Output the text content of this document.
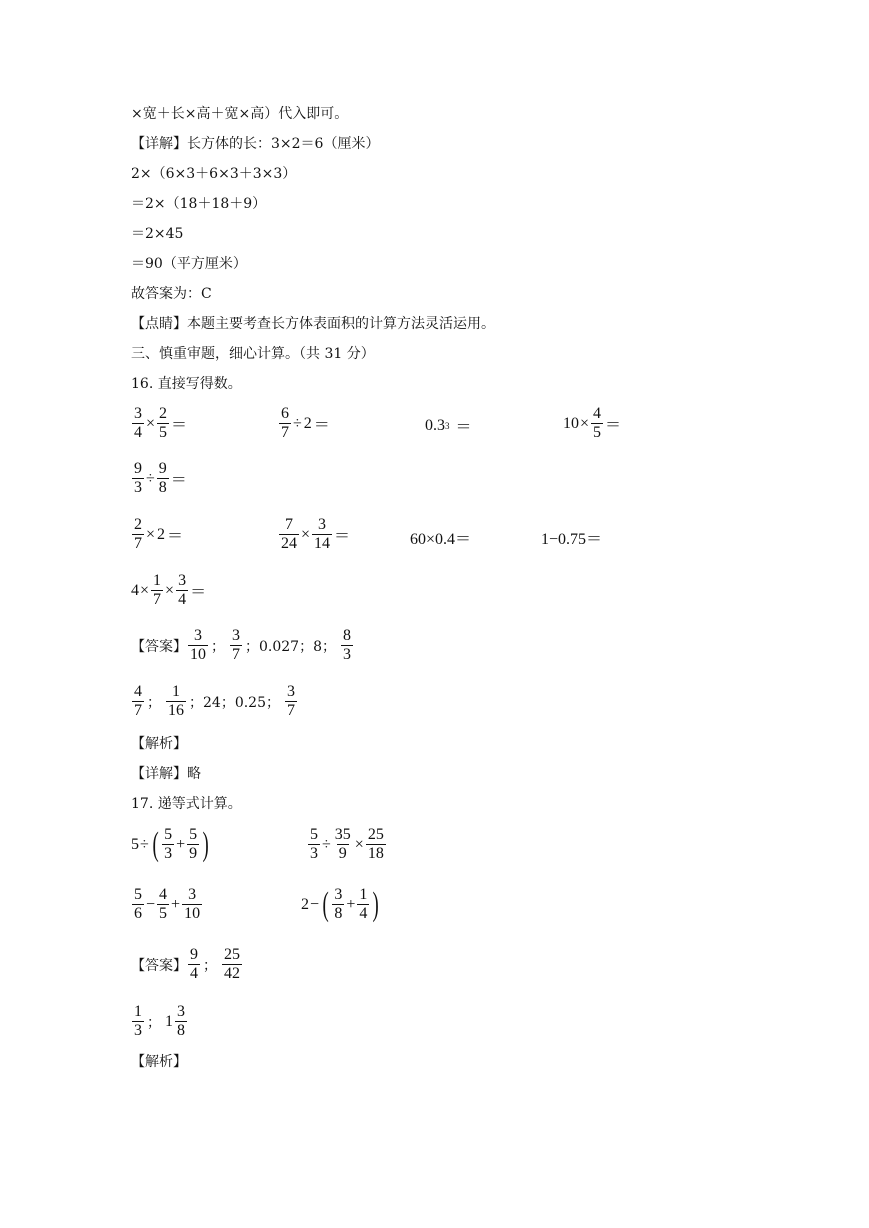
×宽＋长×高＋宽×高）代入即可。
【详解】长方体的长：3×2＝6（厘米）
2×（6×3＋6×3＋3×3）
＝2×（18＋18＋9）
＝2×45
＝90（平方厘米）
故答案为：C
【点睛】本题主要考查长方体表面积的计算方法灵活运用。
三、慎重审题，细心计算。（共 31 分）
16. 直接写得数。
$\frac{3}{4} \times \frac{2}{5}$ ＝	$\frac{6}{7} \div 2$ ＝	0.3 3 ＝	$10 \times \frac{4}{5}$ ＝
$\frac{9}{3} \div \frac{9}{8}$ ＝
$\frac{2}{7} \times 2$ ＝	$\frac{7}{24} \times \frac{3}{14}$ ＝	60×0.4＝	1−0.75＝
$4 \times \frac{1}{7} \times \frac{3}{4}$ ＝
【答案】 $\frac{3}{10}$ ； $\frac{3}{7}$ ；0.027；8； $\frac{8}{3}$
$\frac{4}{7}$ ； $\frac{1}{16}$ ；24；0.25； $\frac{3}{7}$
【解析】
【详解】略
17. 递等式计算。
5 ÷ ( $\frac{5}{3} + \frac{5}{9}$ )	$\frac{5}{3} \div \frac{35}{9} \times \frac{25}{18}$
$\frac{5}{6} - \frac{4}{5} + \frac{3}{10}$	2 − ( $\frac{3}{8} + \frac{1}{4}$ )
【答案】 $\frac{9}{4}$ ； $\frac{25}{42}$
$\frac{1}{3}$ ； $1 \frac{3}{8}$
【解析】
